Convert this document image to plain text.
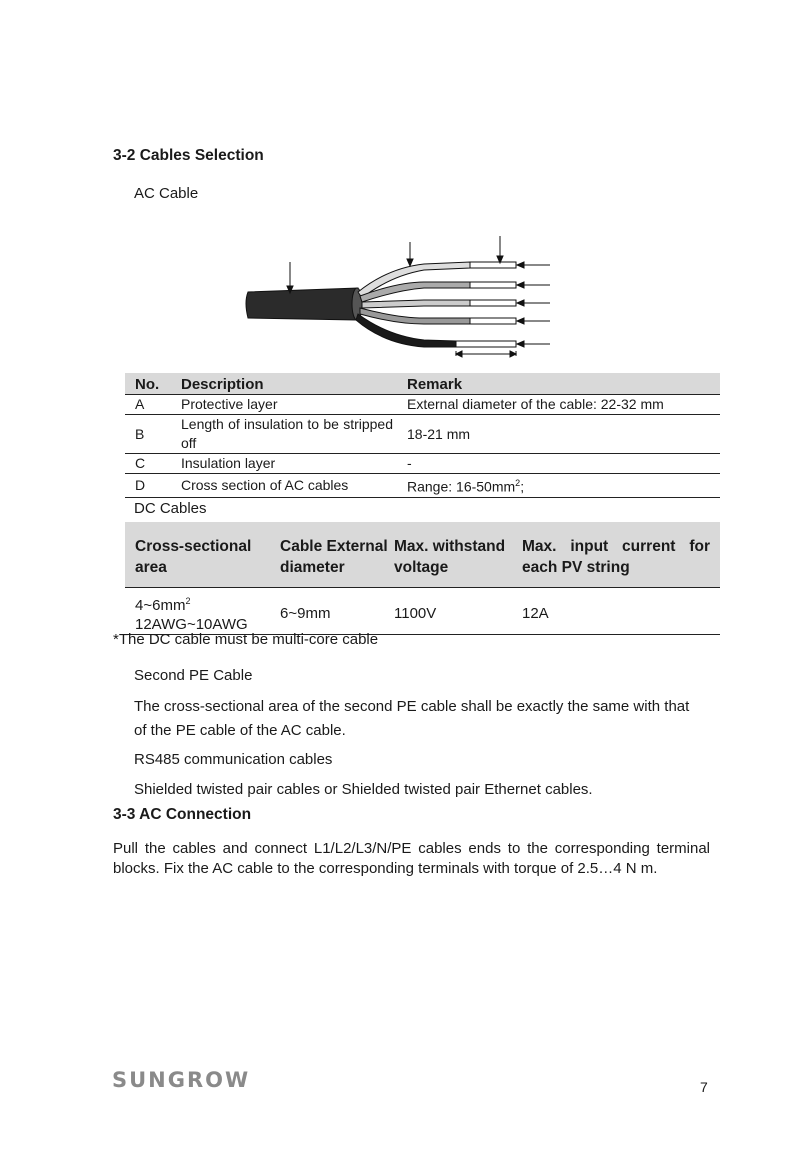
3-2 Cables Selection
AC Cable
No.	Description	Remark
A	Protective layer	External diameter of the cable: 22-32 mm
B	Length of insulation to be stripped off	18-21 mm
C	Insulation layer	-
D	Cross section of AC cables	Range: $16-50mm^2$;
DC Cables
Cross-sectional area	Cable External diameter	Max. withstand voltage	Max. input current for each PV string
$4\sim 6mm^2$
12AWG~10AWG	6~9mm	1100V	12A
*The DC cable must be multi-core cable
Second PE Cable
The cross-sectional area of the second PE cable shall be exactly the same with that of the PE cable of the AC cable.
RS485 communication cables
Shielded twisted pair cables or Shielded twisted pair Ethernet cables.
3-3 AC Connection
Pull the cables and connect L1/L2/L3/N/PE cables ends to the corresponding terminal blocks. Fix the AC cable to the corresponding terminals with torque of 2.5…4 N m.
SUNGROW	7
